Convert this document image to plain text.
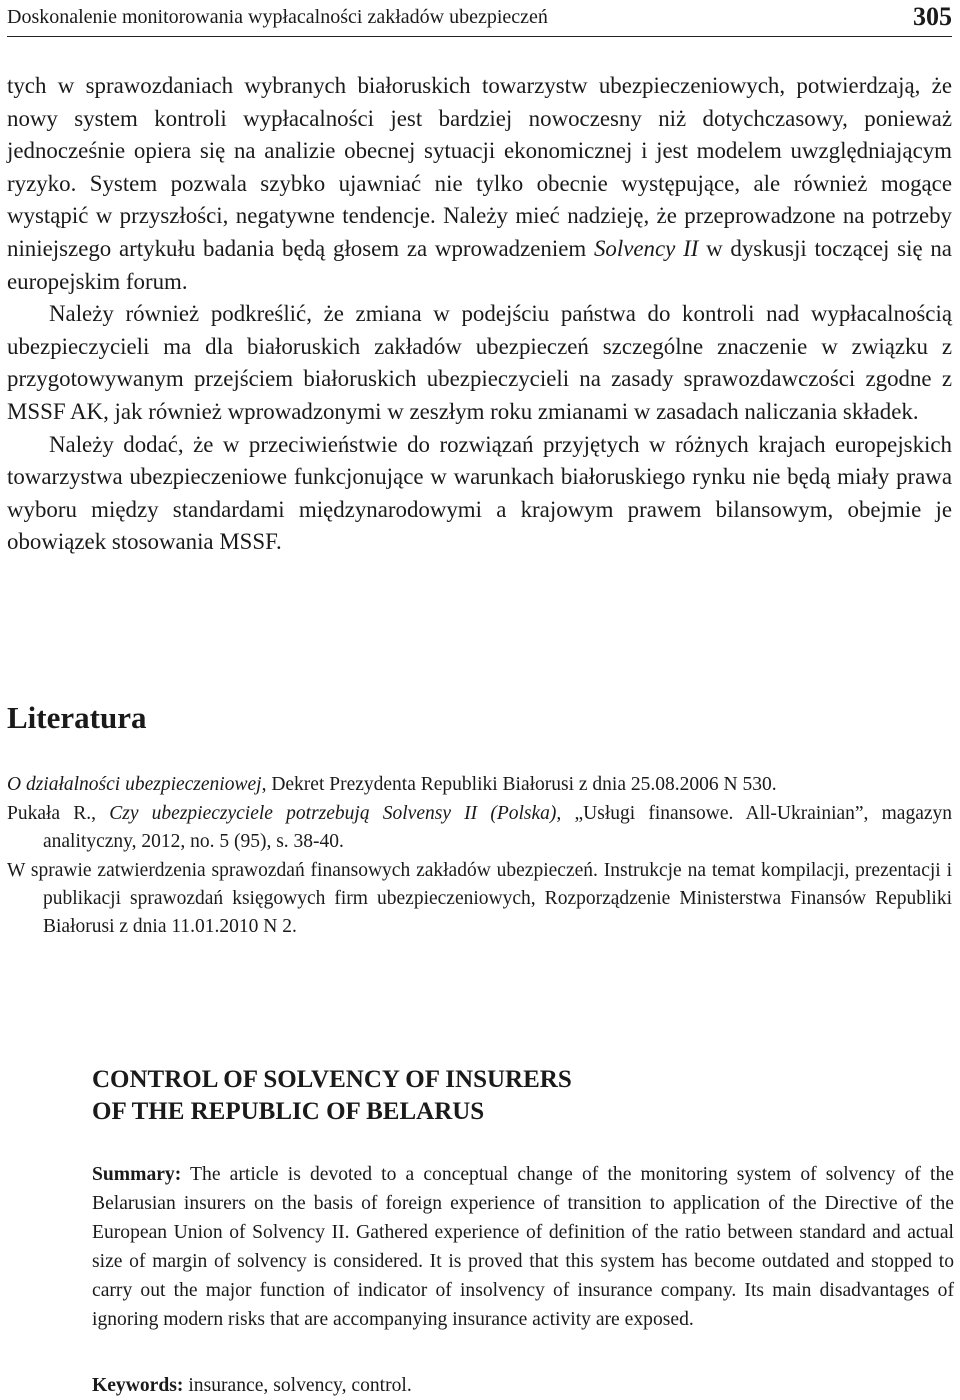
Doskonalenie monitorowania wypłacalności zakładów ubezpieczeń	305

tych w sprawozdaniach wybranych białoruskich towarzystw ubezpieczeniowych, potwierdzają, że nowy system kontroli wypłacalności jest bardziej nowoczesny niż dotychczasowy, ponieważ jednocześnie opiera się na analizie obecnej sytuacji ekonomicznej i jest modelem uwzględniającym ryzyko. System pozwala szybko ujawniać nie tylko obecnie występujące, ale również mogące wystąpić w przyszłości, negatywne tendencje. Należy mieć nadzieję, że przeprowadzone na potrzeby niniejszego artykułu badania będą głosem za wprowadzeniem Solvency II w dyskusji toczącej się na europejskim forum.

Należy również podkreślić, że zmiana w podejściu państwa do kontroli nad wypłacalnością ubezpieczycieli ma dla białoruskich zakładów ubezpieczeń szczególne znaczenie w związku z przygotowywanym przejściem białoruskich ubezpieczycieli na zasady sprawozdawczości zgodne z MSSF AK, jak również wprowadzonymi w zeszłym roku zmianami w zasadach naliczania składek.

Należy dodać, że w przeciwieństwie do rozwiązań przyjętych w różnych krajach europejskich towarzystwa ubezpieczeniowe funkcjonujące w warunkach białoruskiego rynku nie będą miały prawa wyboru między standardami międzynarodowymi a krajowym prawem bilansowym, obejmie je obowiązek stosowania MSSF.

Literatura

O działalności ubezpieczeniowej, Dekret Prezydenta Republiki Białorusi z dnia 25.08.2006 N 530.

Pukała R., Czy ubezpieczyciele potrzebują Solvensy II (Polska), „Usługi finansowe. All-Ukrainian”, magazyn analityczny, 2012, no. 5 (95), s. 38-40.

W sprawie zatwierdzenia sprawozdań finansowych zakładów ubezpieczeń. Instrukcje na temat kompilacji, prezentacji i publikacji sprawozdań księgowych firm ubezpieczeniowych, Rozporządzenie Ministerstwa Finansów Republiki Białorusi z dnia 11.01.2010 N 2.

CONTROL OF SOLVENCY OF INSURERS
OF THE REPUBLIC OF BELARUS

Summary: The article is devoted to a conceptual change of the monitoring system of solvency of the Belarusian insurers on the basis of foreign experience of transition to application of the Directive of the European Union of Solvency II. Gathered experience of definition of the ratio between standard and actual size of margin of solvency is considered. It is proved that this system has become outdated and stopped to carry out the major function of indicator of insolvency of insurance company. Its main disadvantages of ignoring modern risks that are accompanying insurance activity are exposed.

Keywords: insurance, solvency, control.
